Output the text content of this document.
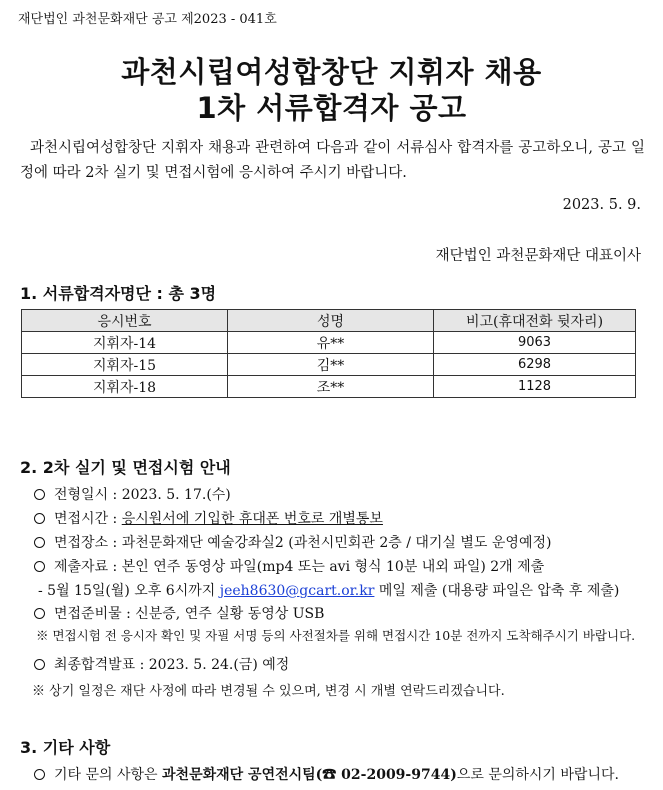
재단법인 과천문화재단 공고 제2023 - 041호
과천시립여성합창단 지휘자 채용
1차 서류합격자 공고
과천시립여성합창단 지휘자 채용과 관련하여 다음과 같이 서류심사 합격자를 공고하오니, 공고 일정에 따라 2차 실기 및 면접시험에 응시하여 주시기 바랍니다.
2023. 5. 9.
재단법인 과천문화재단 대표이사
1. 서류합격자명단 : 총 3명
응시번호	성명	비고(휴대전화 뒷자리)
지휘자-14	유**	9063
지휘자-15	김**	6298
지휘자-18	조**	1128
2. 2차 실기 및 면접시험 안내
전형일시 : 2023. 5. 17.(수)
면접시간 : 응시원서에 기입한 휴대폰 번호로 개별통보
면접장소 : 과천문화재단 예술강좌실2 (과천시민회관 2층 / 대기실 별도 운영예정)
제출자료 : 본인 연주 동영상 파일(mp4 또는 avi 형식 10분 내외 파일) 2개 제출
- 5월 15일(월) 오후 6시까지 jeeh8630@gcart.or.kr 메일 제출 (대용량 파일은 압축 후 제출)
면접준비물 : 신분증, 연주 실황 동영상 USB
※ 면접시험 전 응시자 확인 및 자필 서명 등의 사전절차를 위해 면접시간 10분 전까지 도착해주시기 바랍니다.
최종합격발표 : 2023. 5. 24.(금) 예정
※ 상기 일정은 재단 사정에 따라 변경될 수 있으며, 변경 시 개별 연락드리겠습니다.
3. 기타 사항
기타 문의 사항은 과천문화재단 공연전시팀(☎ 02-2009-9744)으로 문의하시기 바랍니다.
